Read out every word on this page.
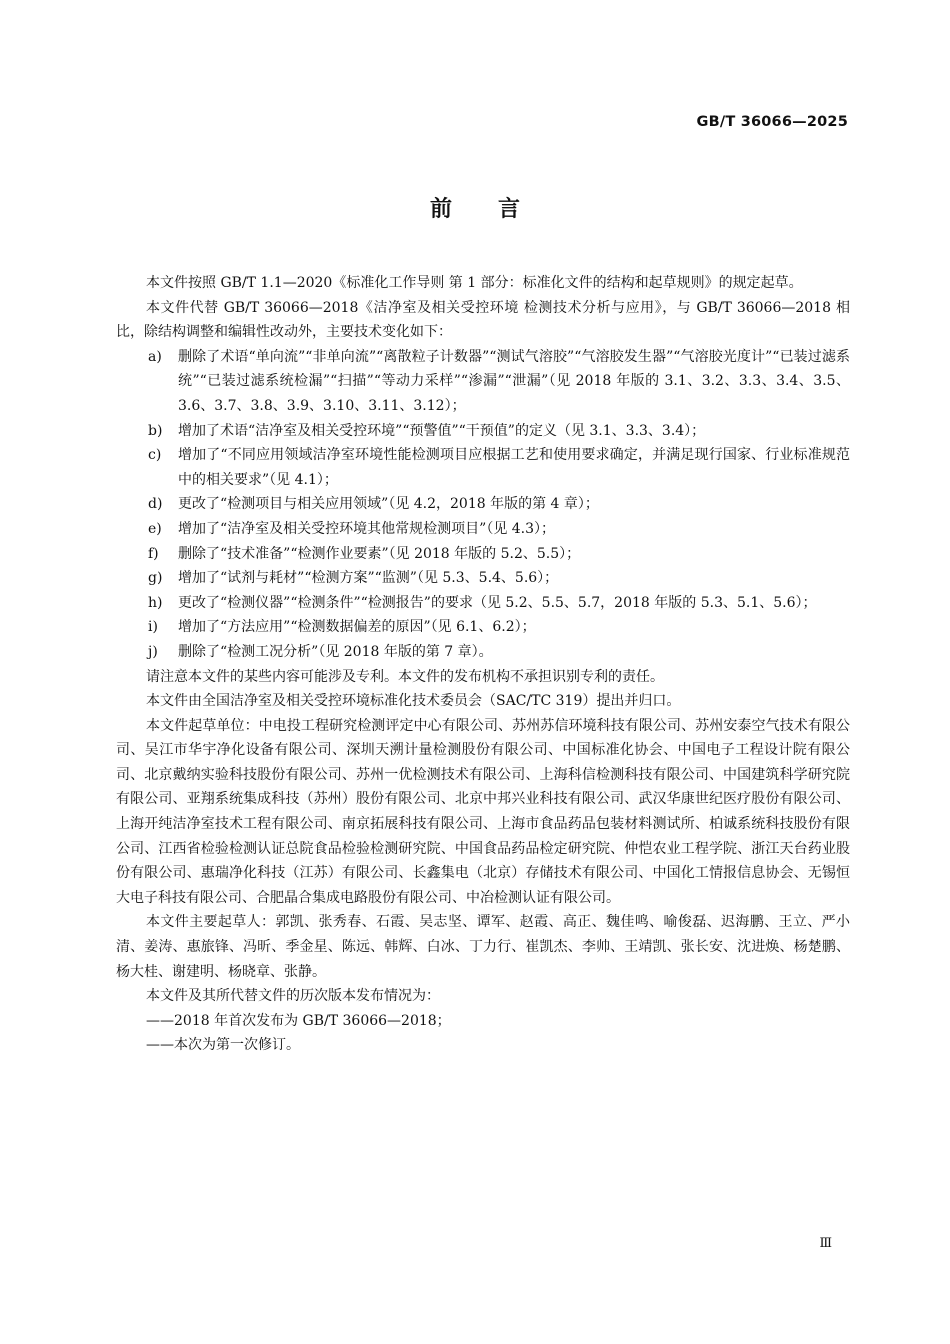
GB/T 36066—2025
前言

本文件按照 GB/T 1.1—2020《标准化工作导则 第 1 部分：标准化文件的结构和起草规则》的规定起草。

本文件代替 GB/T 36066—2018《洁净室及相关受控环境 检测技术分析与应用》，与 GB/T 36066—2018 相比，除结构调整和编辑性改动外，主要技术变化如下：

a) 删除了术语“单向流”“非单向流”“离散粒子计数器”“测试气溶胶”“气溶胶发生器”“气溶胶光度计”“已装过滤系统”“已装过滤系统检漏”“扫描”“等动力采样”“渗漏”“泄漏”（见 2018 年版的 3.1、3.2、3.3、3.4、3.5、3.6、3.7、3.8、3.9、3.10、3.11、3.12）；

b) 增加了术语“洁净室及相关受控环境”“预警值”“干预值”的定义（见 3.1、3.3、3.4）；

c) 增加了“不同应用领域洁净室环境性能检测项目应根据工艺和使用要求确定，并满足现行国家、行业标准规范中的相关要求”（见 4.1）；

d) 更改了“检测项目与相关应用领域”（见 4.2，2018 年版的第 4 章）；

e) 增加了“洁净室及相关受控环境其他常规检测项目”（见 4.3）；

f) 删除了“技术准备”“检测作业要素”（见 2018 年版的 5.2、5.5）；

g) 增加了“试剂与耗材”“检测方案”“监测”（见 5.3、5.4、5.6）；

h) 更改了“检测仪器”“检测条件”“检测报告”的要求（见 5.2、5.5、5.7，2018 年版的 5.3、5.1、5.6）；

i) 增加了“方法应用”“检测数据偏差的原因”（见 6.1、6.2）；

j) 删除了“检测工况分析”（见 2018 年版的第 7 章）。

请注意本文件的某些内容可能涉及专利。本文件的发布机构不承担识别专利的责任。

本文件由全国洁净室及相关受控环境标准化技术委员会（SAC/TC 319）提出并归口。

本文件起草单位：中电投工程研究检测评定中心有限公司、苏州苏信环境科技有限公司、苏州安泰空气技术有限公司、吴江市华宇净化设备有限公司、深圳天溯计量检测股份有限公司、中国标准化协会、中国电子工程设计院有限公司、北京戴纳实验科技股份有限公司、苏州一优检测技术有限公司、上海科信检测科技有限公司、中国建筑科学研究院有限公司、亚翔系统集成科技（苏州）股份有限公司、北京中邦兴业科技有限公司、武汉华康世纪医疗股份有限公司、上海开纯洁净室技术工程有限公司、南京拓展科技有限公司、上海市食品药品包装材料测试所、柏诚系统科技股份有限公司、江西省检验检测认证总院食品检验检测研究院、中国食品药品检定研究院、仲恺农业工程学院、浙江天台药业股份有限公司、惠瑞净化科技（江苏）有限公司、长鑫集电（北京）存储技术有限公司、中国化工情报信息协会、无锡恒大电子科技有限公司、合肥晶合集成电路股份有限公司、中冶检测认证有限公司。

本文件主要起草人：郭凯、张秀春、石霞、吴志坚、谭军、赵霞、高正、魏佳鸣、喻俊磊、迟海鹏、王立、严小清、姜涛、惠旅锋、冯昕、季金星、陈远、韩辉、白冰、丁力行、崔凯杰、李帅、王靖凯、张长安、沈进焕、杨楚鹏、杨大桂、谢建明、杨晓章、张静。

本文件及其所代替文件的历次版本发布情况为：

——2018 年首次发布为 GB/T 36066—2018；

——本次为第一次修订。

Ⅲ
